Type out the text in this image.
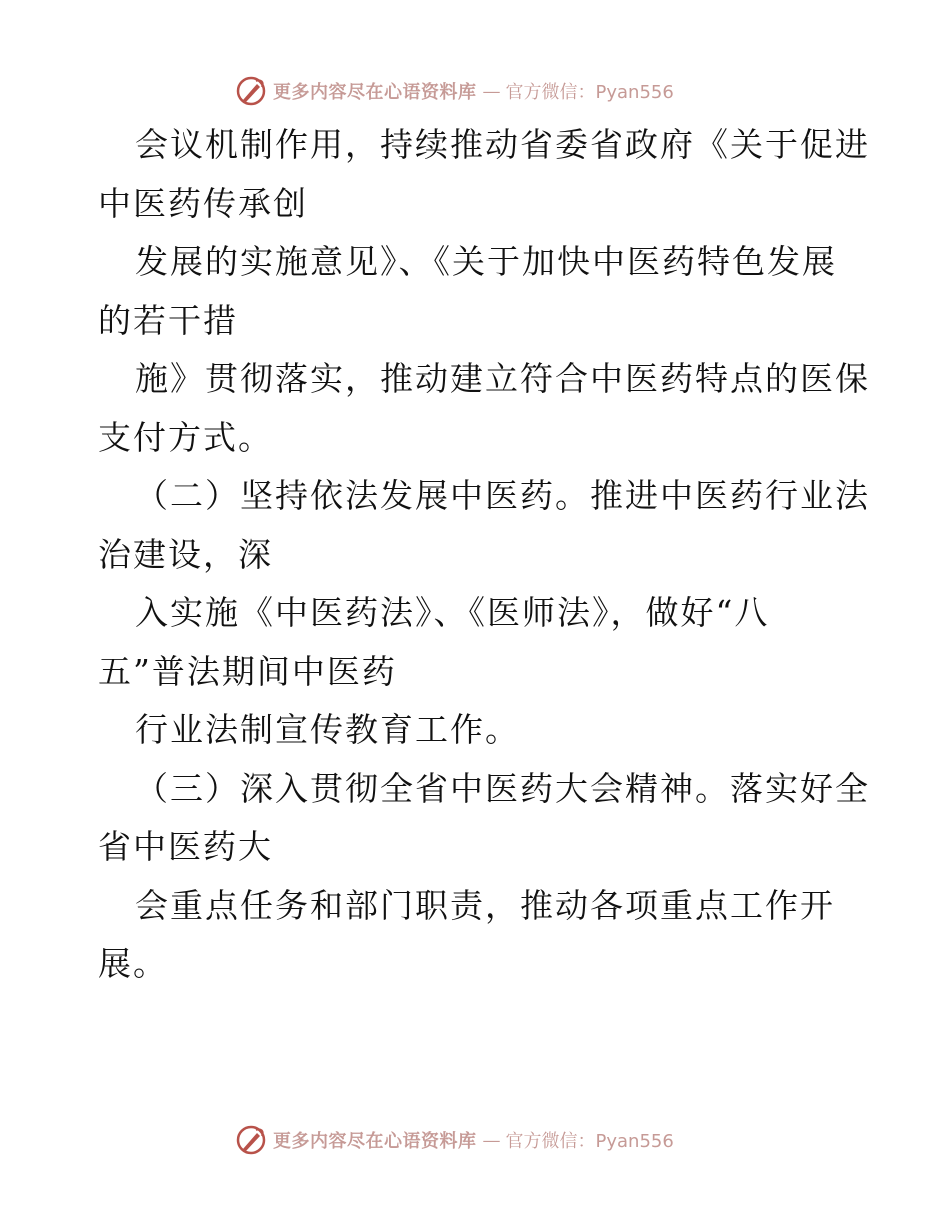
更多内容尽在心语资料库 — 官方微信：Pyan556
会议机制作用，持续推动省委省政府《关于促进
中医药传承创
发展的实施意见》、《关于加快中医药特色发展
的若干措
施》贯彻落实，推动建立符合中医药特点的医保
支付方式。
（二）坚持依法发展中医药。推进中医药行业法
治建设，深
入实施《中医药法》、《医师法》，做好“八
五”普法期间中医药
行业法制宣传教育工作。
（三）深入贯彻全省中医药大会精神。落实好全
省中医药大
会重点任务和部门职责，推动各项重点工作开
展。
更多内容尽在心语资料库 — 官方微信：Pyan556
